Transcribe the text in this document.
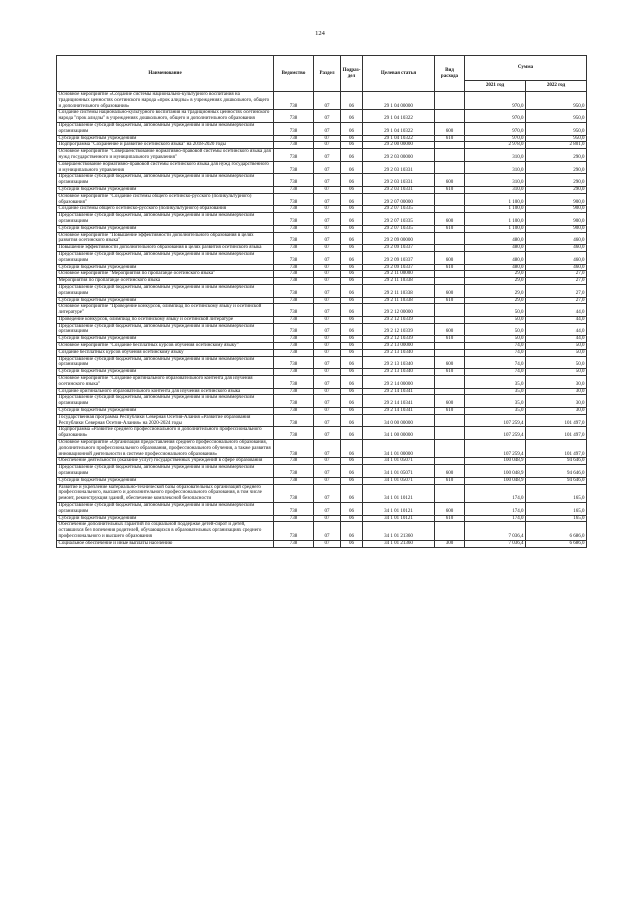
124
Наименование	Ведомство	Раздел	Подраз-дел	Целевая статья	Вид расхода	Сумма	
						2021 год	2022 год
Основное мероприятие «Создание системы национально-культурного воспитания на традиционных ценностях осетинского народа «прок алидзы» в учреждениях дошкольного, общего и дополнительного образования»	738	07	06	29 1 04 00000		970,0	950,0
Создание системы национально-культурного воспитания на традиционных ценностях осетинского народа "прок алидзы" в учреждениях дошкольного, общего и дополнительного образования	738	07	06	29 1 04 10322		970,0	950,0
Предоставление субсидий бюджетным, автономным учреждениям и иным некоммерческим организациям	738	07	06	29 1 04 10322	600	970,0	950,0
Субсидии бюджетным учреждениям	738	07	06	29 1 04 10322	610	970,0	950,0
Подпрограмма "Сохранение и развитие осетинского языка" на 2018-2020 годы	738	07	06	29 2 00 00000		2 978,0	2 801,0
Основное мероприятие "Совершенствование нормативно-правовой системы осетинского языка для нужд государственного и муниципального управления"	738	07	06	29 2 03 00000		310,0	290,0
Совершенствование нормативно-правовой системы осетинского языка для нужд государственного и муниципального управления	738	07	06	29 2 03 10331		310,0	290,0
Предоставление субсидий бюджетным, автономным учреждениям и иным некоммерческим организациям	738	07	06	29 2 03 10331	600	310,0	290,0
Субсидии бюджетным учреждениям	738	07	06	29 2 03 10331	610	310,0	290,0
Основное мероприятие "Создание системы общего осетинско-русского (поликультурного) образования"	738	07	06	29 2 07 00000		1 100,0	900,0
Создание системы общего осетинско-русского (поликультурного) образования	738	07	06	29 2 07 10335		1 100,0	900,0
Предоставление субсидий бюджетным, автономным учреждениям и иным некоммерческим организациям	738	07	06	29 2 07 10335	600	1 100,0	900,0
Субсидии бюджетным учреждениям	738	07	06	29 2 07 10335	610	1 100,0	900,0
Основное мероприятие "Повышение эффективности дополнительного образования в целях развития осетинского языка"	738	07	06	29 2 09 00000		480,0	460,0
Повышение эффективности дополнительного образования в целях развития осетинского языка	738	07	06	29 2 09 10337		480,0	460,0
Предоставление субсидий бюджетным, автономным учреждениям и иным некоммерческим организациям	738	07	06	29 2 09 10337	600	480,0	460,0
Субсидии бюджетным учреждениям	738	07	06	29 2 09 10337	610	480,0	460,0
Основное мероприятие "Мероприятия по пропаганде осетинского языка"	738	07	06	29 2 11 00000		29,0	27,0
Мероприятия по пропаганде осетинского языка	738	07	06	29 2 11 10338		29,0	27,0
Предоставление субсидий бюджетным, автономным учреждениям и иным некоммерческим организациям	738	07	06	29 2 11 10338	600	29,0	27,0
Субсидии бюджетным учреждениям	738	07	06	29 2 11 10338	610	29,0	27,0
Основное мероприятие "Проведение конкурсов, олимпиад по осетинскому языку и осетинской литературе"	738	07	06	29 2 12 00000		50,0	44,0
Проведение конкурсов, олимпиад по осетинскому языку и осетинской литературе	738	07	06	29 2 12 10339		50,0	44,0
Предоставление субсидий бюджетным, автономным учреждениям и иным некоммерческим организациям	738	07	06	29 2 12 10339	600	50,0	44,0
Субсидии бюджетным учреждениям	738	07	06	29 2 12 10339	610	50,0	44,0
Основное мероприятие "Создание бесплатных курсов обучения осетинскому языку"	738	07	06	29 2 13 00000		74,0	50,0
Создание бесплатных курсов обучения осетинскому языку	738	07	06	29 2 13 10340		74,0	50,0
Предоставление субсидий бюджетным, автономным учреждениям и иным некоммерческим организациям	738	07	06	29 2 13 10340	600	74,0	50,0
Субсидии бюджетным учреждениям	738	07	06	29 2 13 10340	610	74,0	50,0
Основное мероприятие "Создание оригинального образовательного контента для изучения осетинского языка"	738	07	06	29 2 14 00000		35,0	30,0
Создание оригинального образовательного контента для изучения осетинского языка	738	07	06	29 2 14 10341		35,0	30,0
Предоставление субсидий бюджетным, автономным учреждениям и иным некоммерческим организациям	738	07	06	29 2 14 10341	600	35,0	30,0
Субсидии бюджетным учреждениям	738	07	06	29 2 14 10341	610	35,0	30,0
Государственная программа Республики Северная Осетия-Алания «Развитие образования Республики Северная Осетия-Алания» на 2020-2024 годы	738	07	06	34 0 00 00000		107 259,4	101 497,0
Подпрограмма «Развитие среднего профессионального и дополнительного профессионального образования»	738	07	06	34 1 00 00000		107 259,4	101 497,0
Основное мероприятие «Организация предоставления среднего профессионального образования, дополнительного профессионального образования, профессионального обучения, а также развития инновационной деятельности в системе профессионального образования»	738	07	06	34 1 01 00000		107 259,4	101 497,0
Обеспечение деятельности (оказание услуг) государственных учреждений в сфере образования	738	07	06	34 1 01 05071		100 048,9	94 646,0
Предоставление субсидий бюджетным, автономным учреждениям и иным некоммерческим организациям	738	07	06	34 1 01 05071	600	100 048,9	94 646,0
Субсидии бюджетным учреждениям	738	07	06	34 1 01 05071	610	100 048,9	94 646,0
Развитие и укрепление материально-технической базы образовательных организаций среднего профессионального, высшего и дополнительного профессионального образования, в том числе ремонт, реконструкция зданий, обеспечение комплексной безопасности	738	07	06	34 1 01 10121		174,0	165,0
Предоставление субсидий бюджетным, автономным учреждениям и иным некоммерческим организациям	738	07	06	34 1 01 10121	600	174,0	165,0
Субсидии бюджетным учреждениям	738	07	06	34 1 01 10121	610	174,0	165,0
Обеспечение дополнительных гарантий по социальной поддержке детей-сирот и детей, оставшихся без попечения родителей, обучающихся в образовательных организациях среднего профессионального и высшего образования	738	07	06	34 1 01 21360		7 036,4	6 686,0
Социальное обеспечение и иные выплаты населению	738	07	06	34 1 01 21360	300	7 036,4	6 686,0
